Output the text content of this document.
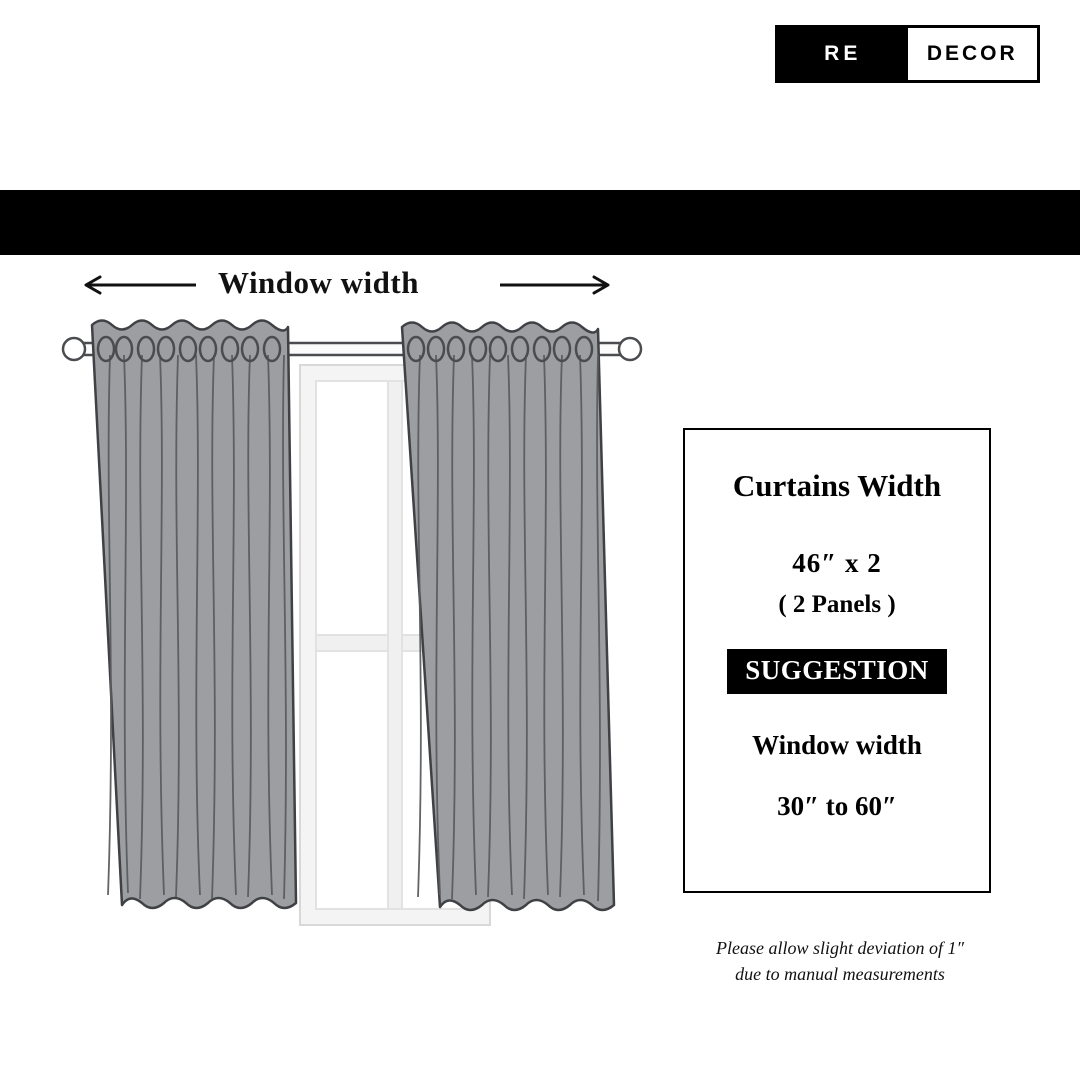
RE	DECOR
Window width
Curtains Width
46″ x 2
( 2 Panels )
SUGGESTION
Window width
30″ to 60″
Please allow slight deviation of 1″
due to manual measurements
